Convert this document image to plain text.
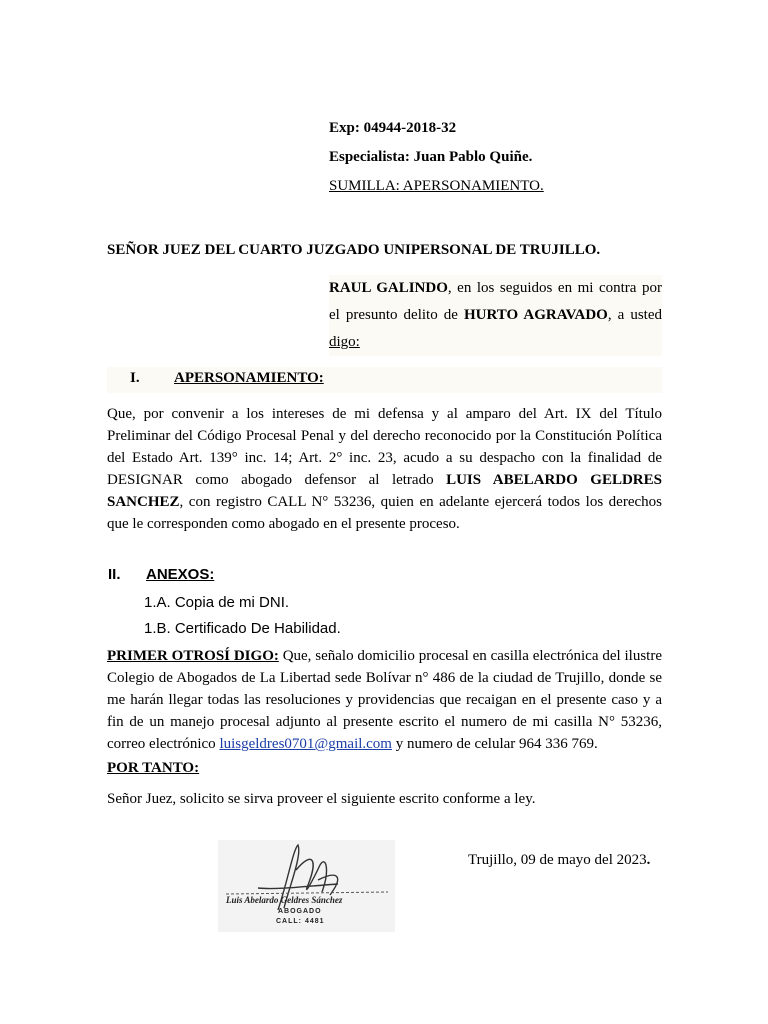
Exp: 04944-2018-32
Especialista: Juan Pablo Quiñe.
SUMILLA: APERSONAMIENTO.
SEÑOR JUEZ DEL CUARTO JUZGADO UNIPERSONAL DE TRUJILLO.
RAUL GALINDO, en los seguidos en mi contra por el presunto delito de HURTO AGRAVADO, a usted digo:
I. APERSONAMIENTO:
Que, por convenir a los intereses de mi defensa y al amparo del Art. IX del Título Preliminar del Código Procesal Penal y del derecho reconocido por la Constitución Política del Estado Art. 139° inc. 14; Art. 2° inc. 23, acudo a su despacho con la finalidad de DESIGNAR como abogado defensor al letrado LUIS ABELARDO GELDRES SANCHEZ, con registro CALL N° 53236, quien en adelante ejercerá todos los derechos que le corresponden como abogado en el presente proceso.
II. ANEXOS:
1.A. Copia de mi DNI.
1.B. Certificado De Habilidad.
PRIMER OTROSÍ DIGO: Que, señalo domicilio procesal en casilla electrónica del ilustre Colegio de Abogados de La Libertad sede Bolívar n° 486 de la ciudad de Trujillo, donde se me harán llegar todas las resoluciones y providencias que recaigan en el presente caso y a fin de un manejo procesal adjunto al presente escrito el numero de mi casilla N° 53236, correo electrónico luisgeldres0701@gmail.com y numero de celular 964 336 769.
POR TANTO:
Señor Juez, solicito se sirva proveer el siguiente escrito conforme a ley.
Trujillo, 09 de mayo del 2023.
Luis Abelardo Geldres Sánchez
ABOGADO
CALL: 4481
